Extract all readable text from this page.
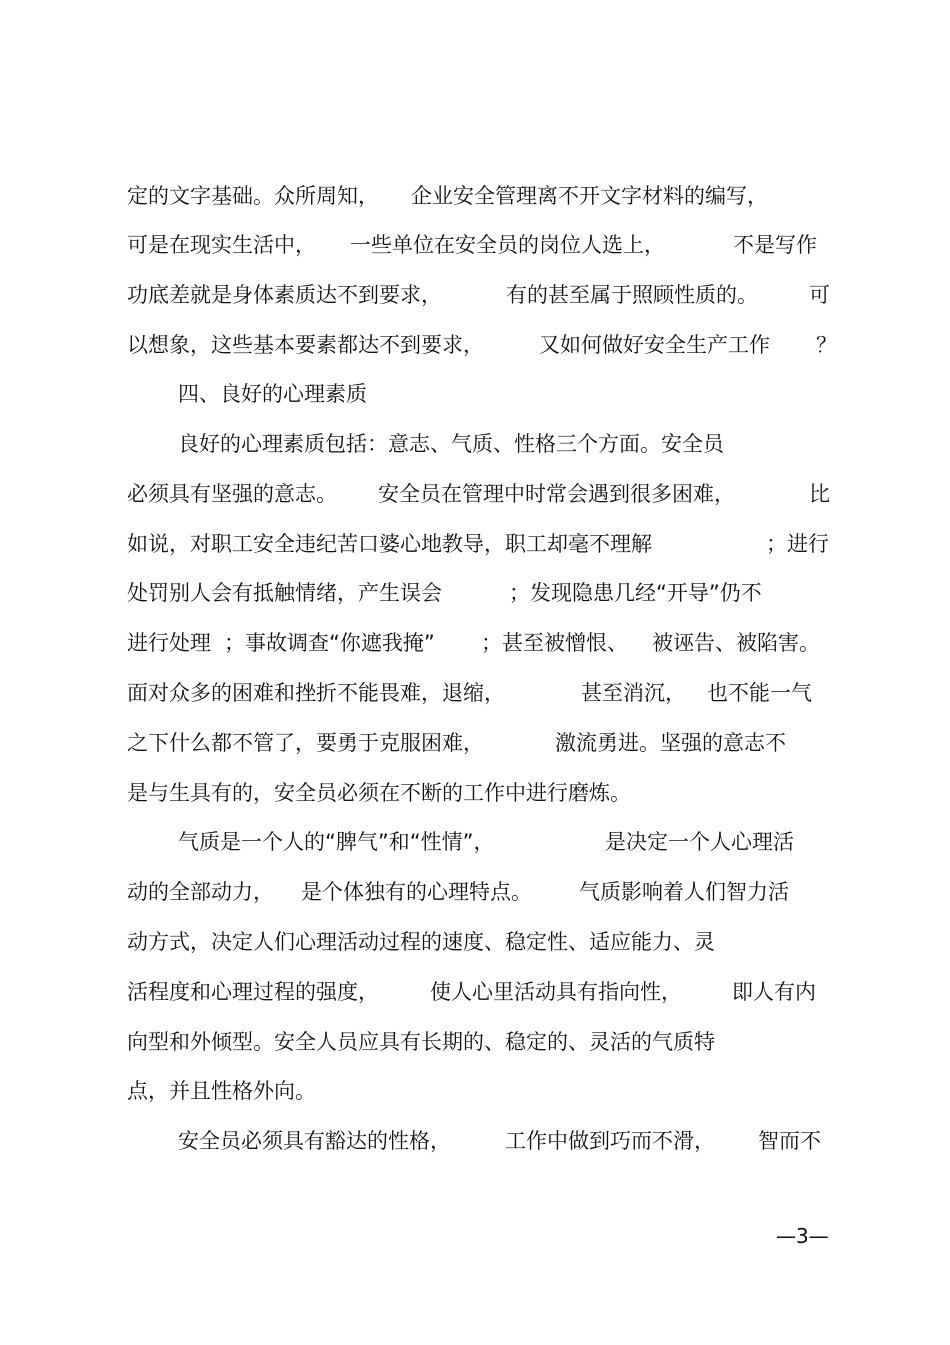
定的文字基础。

众所周知，

企业安全管理离不开文字材料的编写，

可是在现实生活中，

一些单位在安全员的岗位人选上，

	不是写作

功底差就是身体素质达不到要求，

	有的甚至属于照顾性质的。

可

以想象，这些基本要素都达不到要求，

	又如何做好安全生产工作

？

四、良好的心理素质

良好的心理素质包括：意志、气质、性格三个方面。安全员

必须具有坚强的意志。

安全员在管理中时常会遇到很多困难，

	比

如说，对职工安全违纪苦口婆心地教导，职工却毫不理解

	；进行

处罚别人会有抵触情绪，产生误会

	；发现隐患几经“开导”仍不

进行处理

；事故调查“你遮我掩”

；甚至被憎恨、

被诬告、被陷害。

面对众多的困难和挫折不能畏难，退缩，

	甚至消沉，

也不能一气

之下什么都不管了，要勇于克服困难，

	激流勇进。坚强的意志不

是与生具有的，安全员必须在不断的工作中进行磨炼。

气质是一个人的“脾气”和“性情”，

	是决定一个人心理活

动的全部动力，

是个体独有的心理特点。

气质影响着人们智力活

动方式，决定人们心理活动过程的速度、稳定性、适应能力、灵

活程度和心理过程的强度，

使人心里活动具有指向性，

即人有内

向型和外倾型。安全人员应具有长期的、稳定的、灵活的气质特

点，并且性格外向。

安全员必须具有豁达的性格，

	工作中做到巧而不滑，

智而不

—3—
